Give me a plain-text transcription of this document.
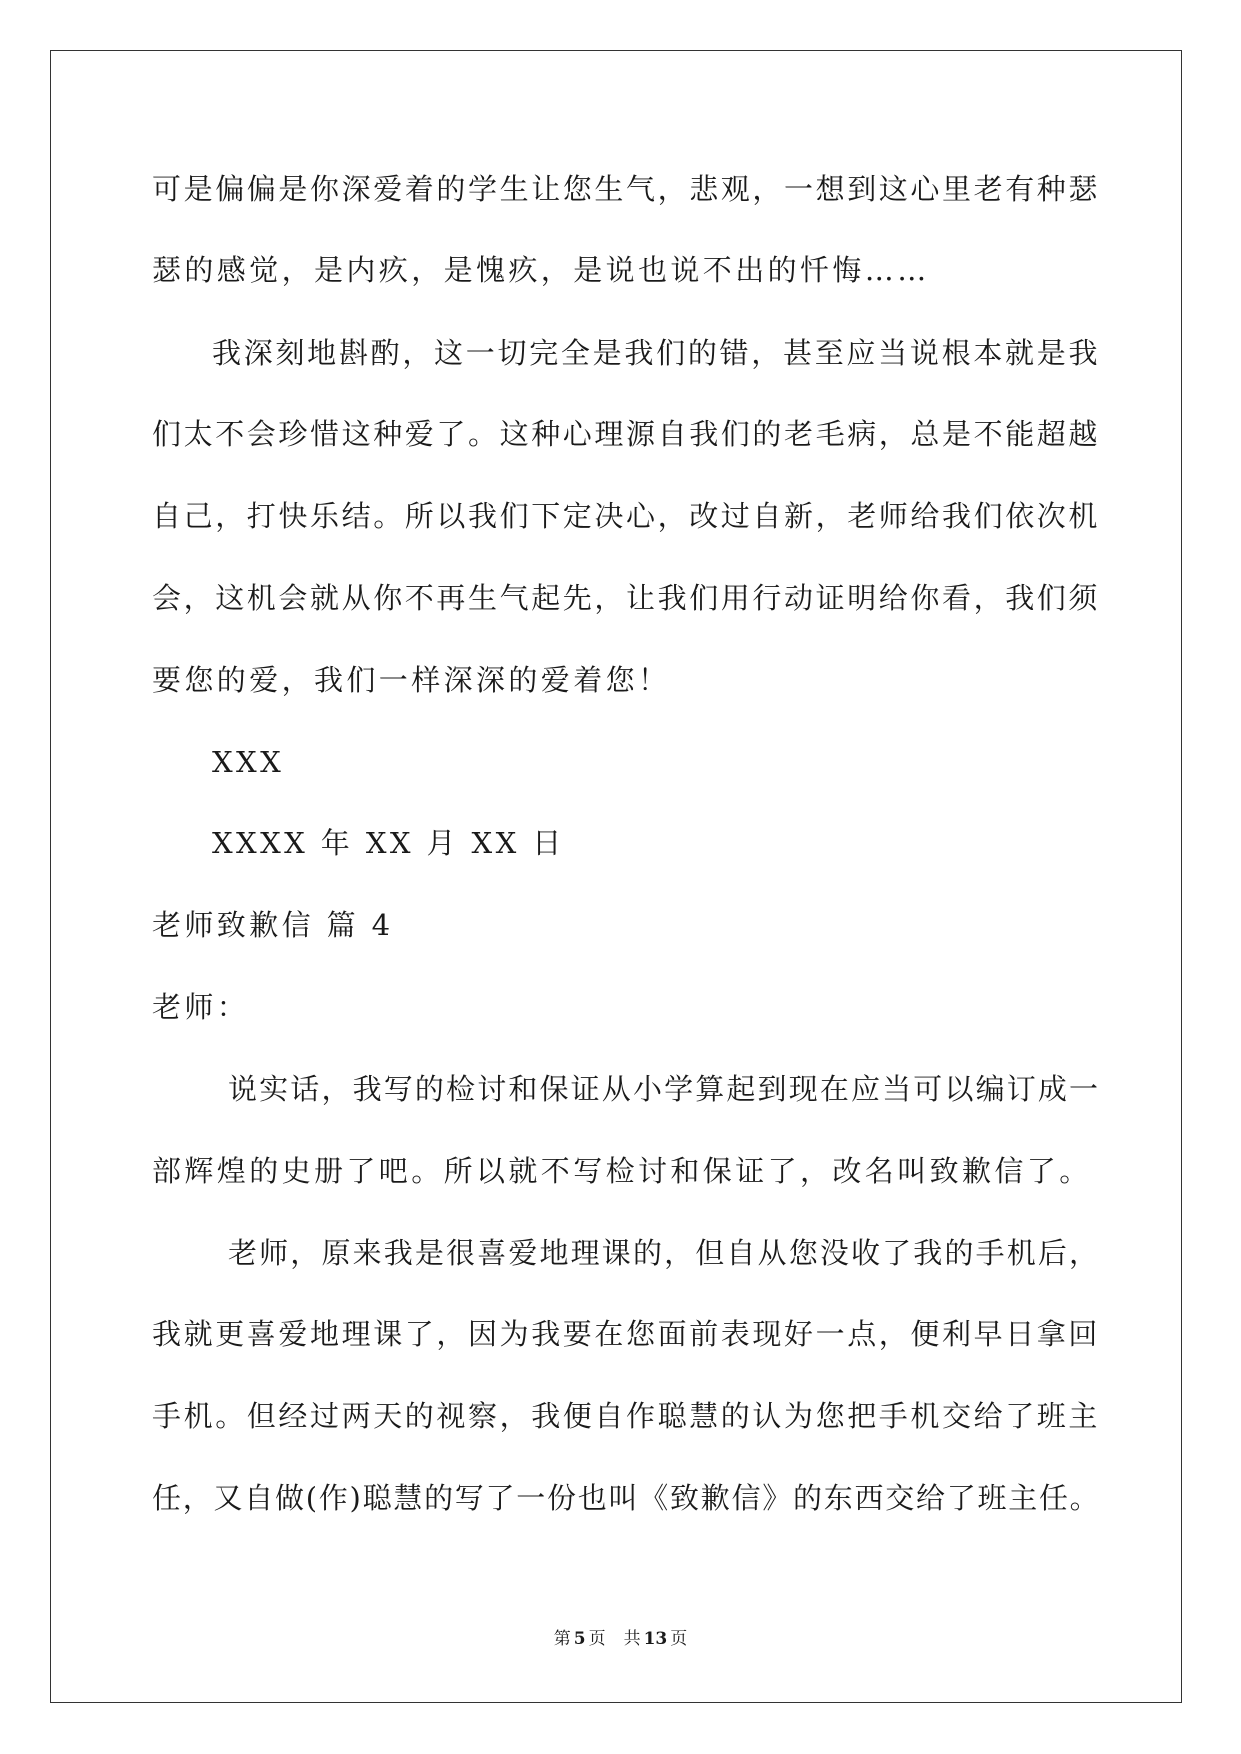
可是偏偏是你深爱着的学生让您生气，悲观，一想到这心里老有种瑟
瑟的感觉，是内疚，是愧疚，是说也说不出的忏悔……
我深刻地斟酌，这一切完全是我们的错，甚至应当说根本就是我
们太不会珍惜这种爱了。这种心理源自我们的老毛病，总是不能超越
自己，打快乐结。所以我们下定决心，改过自新，老师给我们依次机
会，这机会就从你不再生气起先，让我们用行动证明给你看，我们须
要您的爱，我们一样深深的爱着您！
XXX
XXXX 年 XX 月 XX 日
老师致歉信 篇 4
老师：
说实话，我写的检讨和保证从小学算起到现在应当可以编订成一
部辉煌的史册了吧。所以就不写检讨和保证了，改名叫致歉信了。
老师，原来我是很喜爱地理课的，但自从您没收了我的手机后，
我就更喜爱地理课了，因为我要在您面前表现好一点，便利早日拿回
手机。但经过两天的视察，我便自作聪慧的认为您把手机交给了班主
任，又自做(作)聪慧的写了一份也叫《致歉信》的东西交给了班主任。
第 5 页 共 13 页
